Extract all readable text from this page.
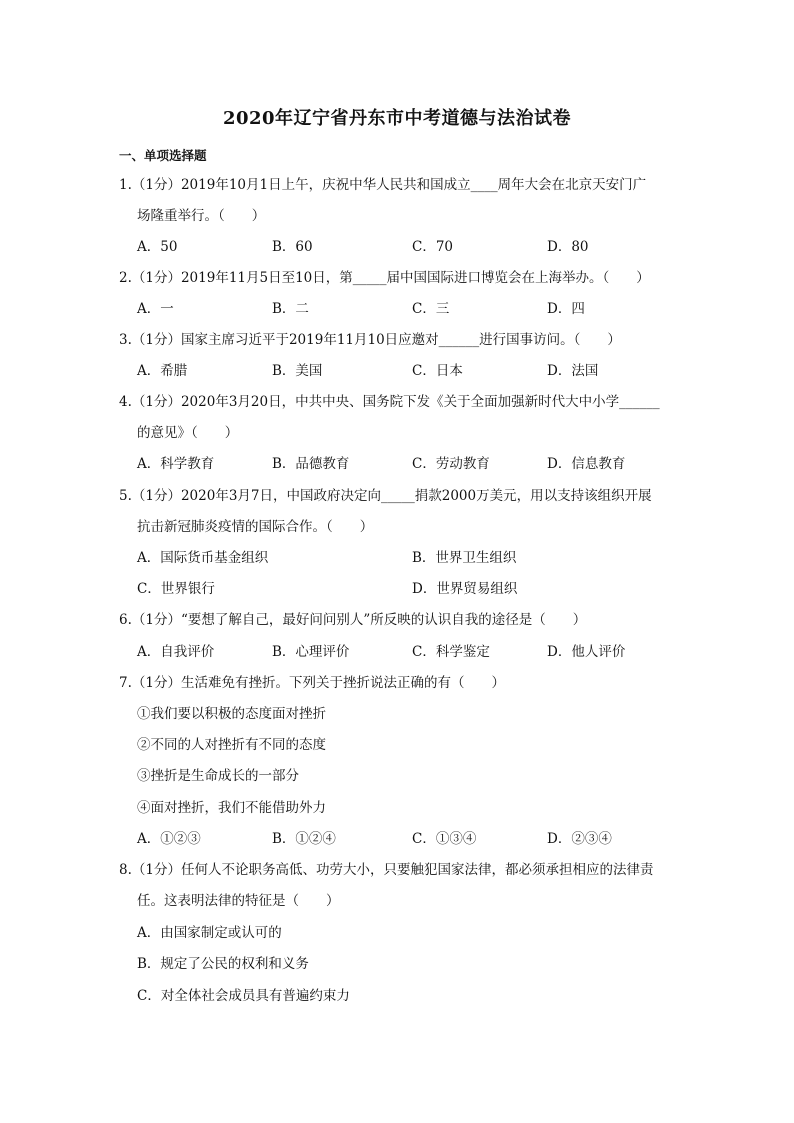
2020年辽宁省丹东市中考道德与法治试卷
一、单项选择题
1.（1分）2019年10月1日上午，庆祝中华人民共和国成立____周年大会在北京天安门广
场隆重举行。（　　）
A．50	B．60	C．70	D．80
2.（1分）2019年11月5日至10日，第_____届中国国际进口博览会在上海举办。（　　）
A．一	B．二	C．三	D．四
3.（1分）国家主席习近平于2019年11月10日应邀对______进行国事访问。（　　）
A．希腊	B．美国	C．日本	D．法国
4.（1分）2020年3月20日，中共中央、国务院下发《关于全面加强新时代大中小学______
的意见》（　　）
A．科学教育	B．品德教育	C．劳动教育	D．信息教育
5.（1分）2020年3月7日，中国政府决定向_____捐款2000万美元，用以支持该组织开展
抗击新冠肺炎疫情的国际合作。（　　）
A．国际货币基金组织	B．世界卫生组织
C．世界银行	D．世界贸易组织
6.（1分）“要想了解自己，最好问问别人”所反映的认识自我的途径是（　　）
A．自我评价	B．心理评价	C．科学鉴定	D．他人评价
7.（1分）生活难免有挫折。下列关于挫折说法正确的有（　　）
①我们要以积极的态度面对挫折
②不同的人对挫折有不同的态度
③挫折是生命成长的一部分
④面对挫折，我们不能借助外力
A．①②③	B．①②④	C．①③④	D．②③④
8.（1分）任何人不论职务高低、功劳大小，只要触犯国家法律，都必须承担相应的法律责
任。这表明法律的特征是（　　）
A．由国家制定或认可的
B．规定了公民的权利和义务
C．对全体社会成员具有普遍约束力
